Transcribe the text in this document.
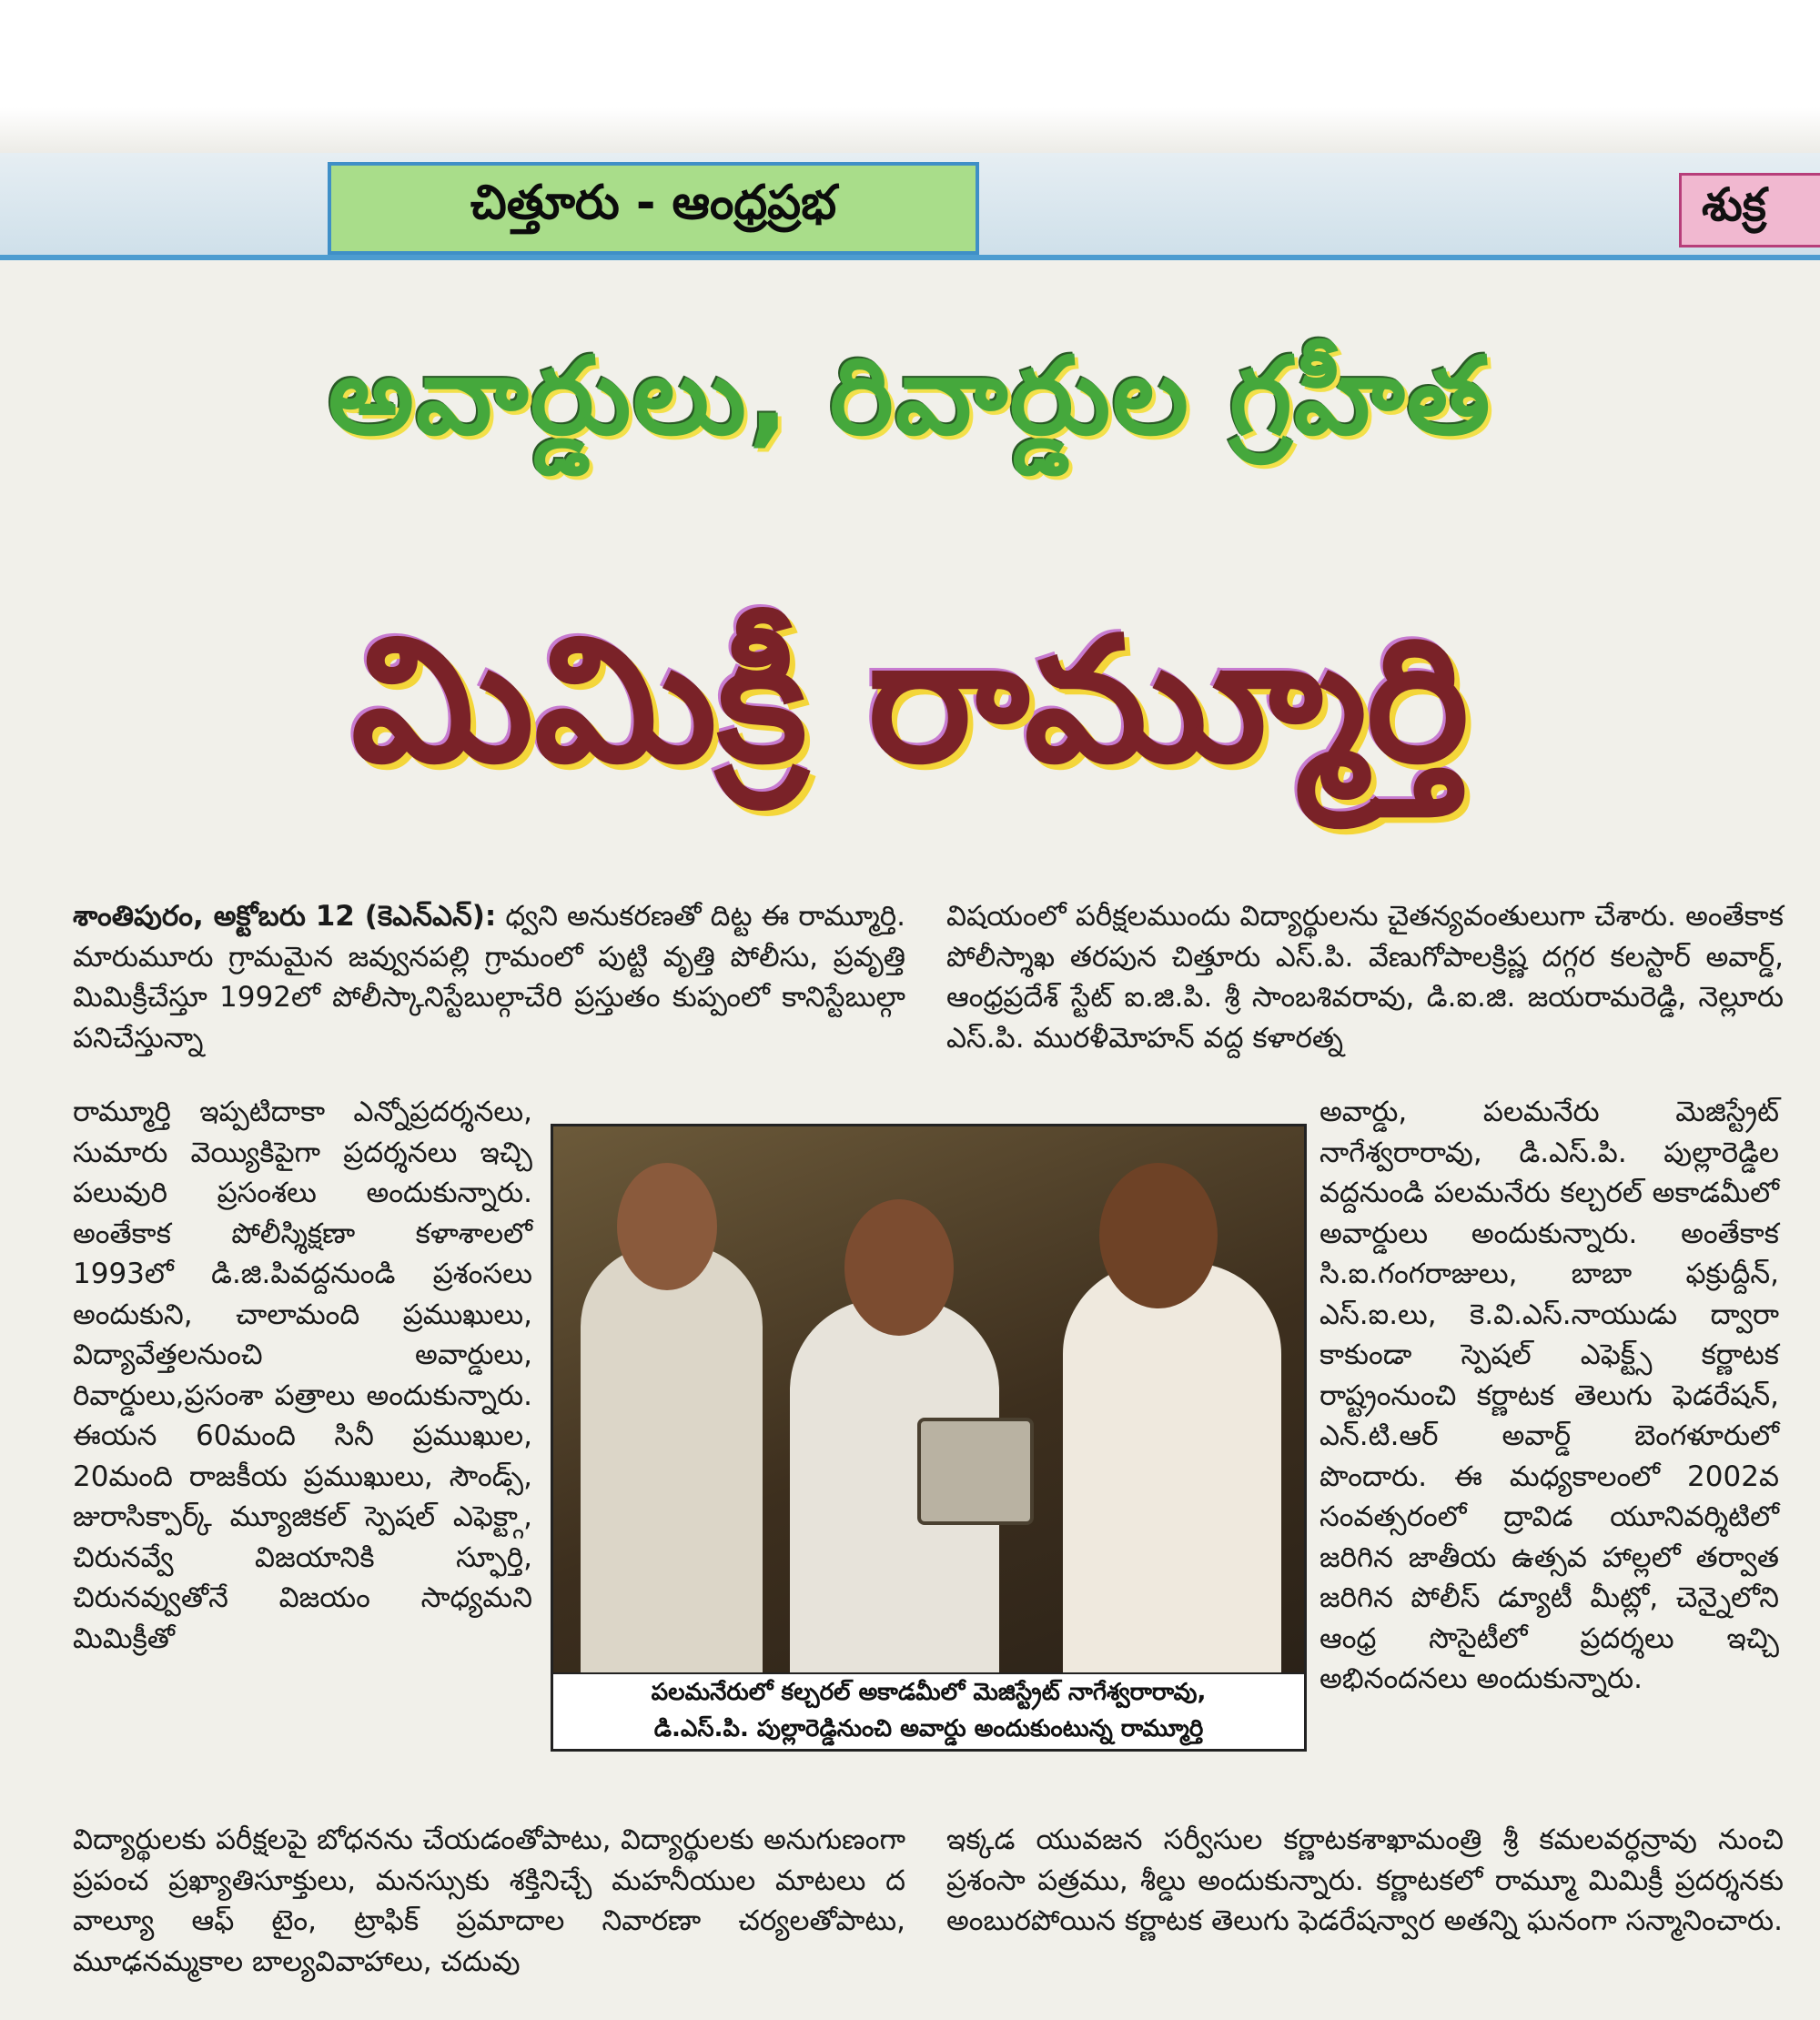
చిత్తూరు - ఆంధ్రప్రభ	శుక్ర
అవార్డులు, రివార్డుల గ్రహీత
మిమిక్రీ రామ్మూర్తి

శాంతిపురం, అక్టోబరు 12 (కెఎన్ఎన్): ధ్వని అనుకరణతో దిట్ట ఈ రామ్మూర్తి. మారుమూరు గ్రామమైన జవ్వునపల్లి గ్రామంలో పుట్టి వృత్తి పోలీసు, ప్రవృత్తి మిమిక్రీచేస్తూ 1992లో పోలీస్కానిస్టేబుల్గాచేరి ప్రస్తుతం కుప్పంలో కానిస్టేబుల్గా పనిచేస్తున్నా

రామ్మూర్తి ఇప్పటిదాకా ఎన్నోప్రదర్శనలు, సుమారు వెయ్యికిపైగా ప్రదర్శనలు ఇచ్చి పలువురి ప్రసంశలు అందుకున్నారు. అంతేకాక పోలీస్శిక్షణా కళాశాలలో 1993లో డి.జి.పివద్దనుండి ప్రశంసలు అందుకుని, చాలామంది ప్రముఖులు, విద్యావేత్తలనుంచి అవార్డులు, రివార్డులు,ప్రసంశా పత్రాలు అందుకున్నారు. ఈయన 60మంది సినీ ప్రముఖుల, 20మంది రాజకీయ ప్రముఖులు, సౌండ్స్, జురాసిక్పార్క్ మ్యూజికల్ స్పెషల్ ఎఫెక్ట్గా, చిరునవ్వే విజయానికి స్ఫూర్తి, చిరునవ్వుతోనే విజయం సాధ్యమని మిమిక్రీతో

విద్యార్థులకు పరీక్షలపై బోధనను చేయడంతోపాటు, విద్యార్థులకు అనుగుణంగా ప్రపంచ ప్రఖ్యాతిసూక్తులు, మనస్సుకు శక్తినిచ్చే మహనీయుల మాటలు ద వాల్యూ ఆఫ్ టైం, ట్రాఫిక్ ప్రమాదాల నివారణా చర్యలతోపాటు, మూఢనమ్మకాల బాల్యవివాహాలు, చదువు

విషయంలో పరీక్షలముందు విద్యార్థులను చైతన్యవంతులుగా చేశారు. అంతేకాక పోలీస్శాఖ తరపున చిత్తూరు ఎస్.పి. వేణుగోపాలక్రిష్ణ దగ్గర కలస్టార్ అవార్డ్, ఆంధ్రప్రదేశ్ స్టేట్ ఐ.జి.పి. శ్రీ సాంబశివరావు, డి.ఐ.జి. జయరామరెడ్డి, నెల్లూరు ఎస్.పి. మురళీమోహన్ వద్ద కళారత్న

అవార్డు, పలమనేరు మెజిస్ట్రేట్ నాగేశ్వరారావు, డి.ఎస్.పి. పుల్లారెడ్డిల వద్దనుండి పలమనేరు కల్చరల్ అకాడమీలో అవార్డులు అందుకున్నారు. అంతేకాక సి.ఐ.గంగరాజులు, బాబా ఫక్రుద్దీన్, ఎస్.ఐ.లు, కె.వి.ఎస్.నాయుడు ద్వారా కాకుండా స్పెషల్ ఎఫెక్ట్స్ కర్ణాటక రాష్ట్రంనుంచి కర్ణాటక తెలుగు ఫెడరేషన్, ఎన్.టి.ఆర్ అవార్డ్ బెంగళూరులో పొందారు. ఈ మధ్యకాలంలో 2002వ సంవత్సరంలో ద్రావిడ యూనివర్శిటిలో జరిగిన జాతీయ ఉత్సవ హాల్లలో తర్వాత జరిగిన పోలీస్ డ్యూటీ మీట్లో, చెన్నైలోని ఆంధ్ర సొసైటీలో ప్రదర్శలు ఇచ్చి అభినందనలు అందుకున్నారు.

ఇక్కడ యువజన సర్వీసుల కర్ణాటకశాఖామంత్రి శ్రీ కమలవర్ధన్రావు నుంచి ప్రశంసా పత్రము, శీల్డు అందుకున్నారు. కర్ణాటకలో రామ్మూ మిమిక్రీ ప్రదర్శనకు అంబురపోయిన కర్ణాటక తెలుగు ఫెడరేషన్వార అతన్ని ఘనంగా సన్మానించారు.

పలమనేరులో కల్చరల్ అకాడమీలో మెజిస్ట్రేట్ నాగేశ్వరారావు,
డి.ఎస్.పి. పుల్లారెడ్డినుంచి అవార్డు అందుకుంటున్న రామ్మూర్తి
